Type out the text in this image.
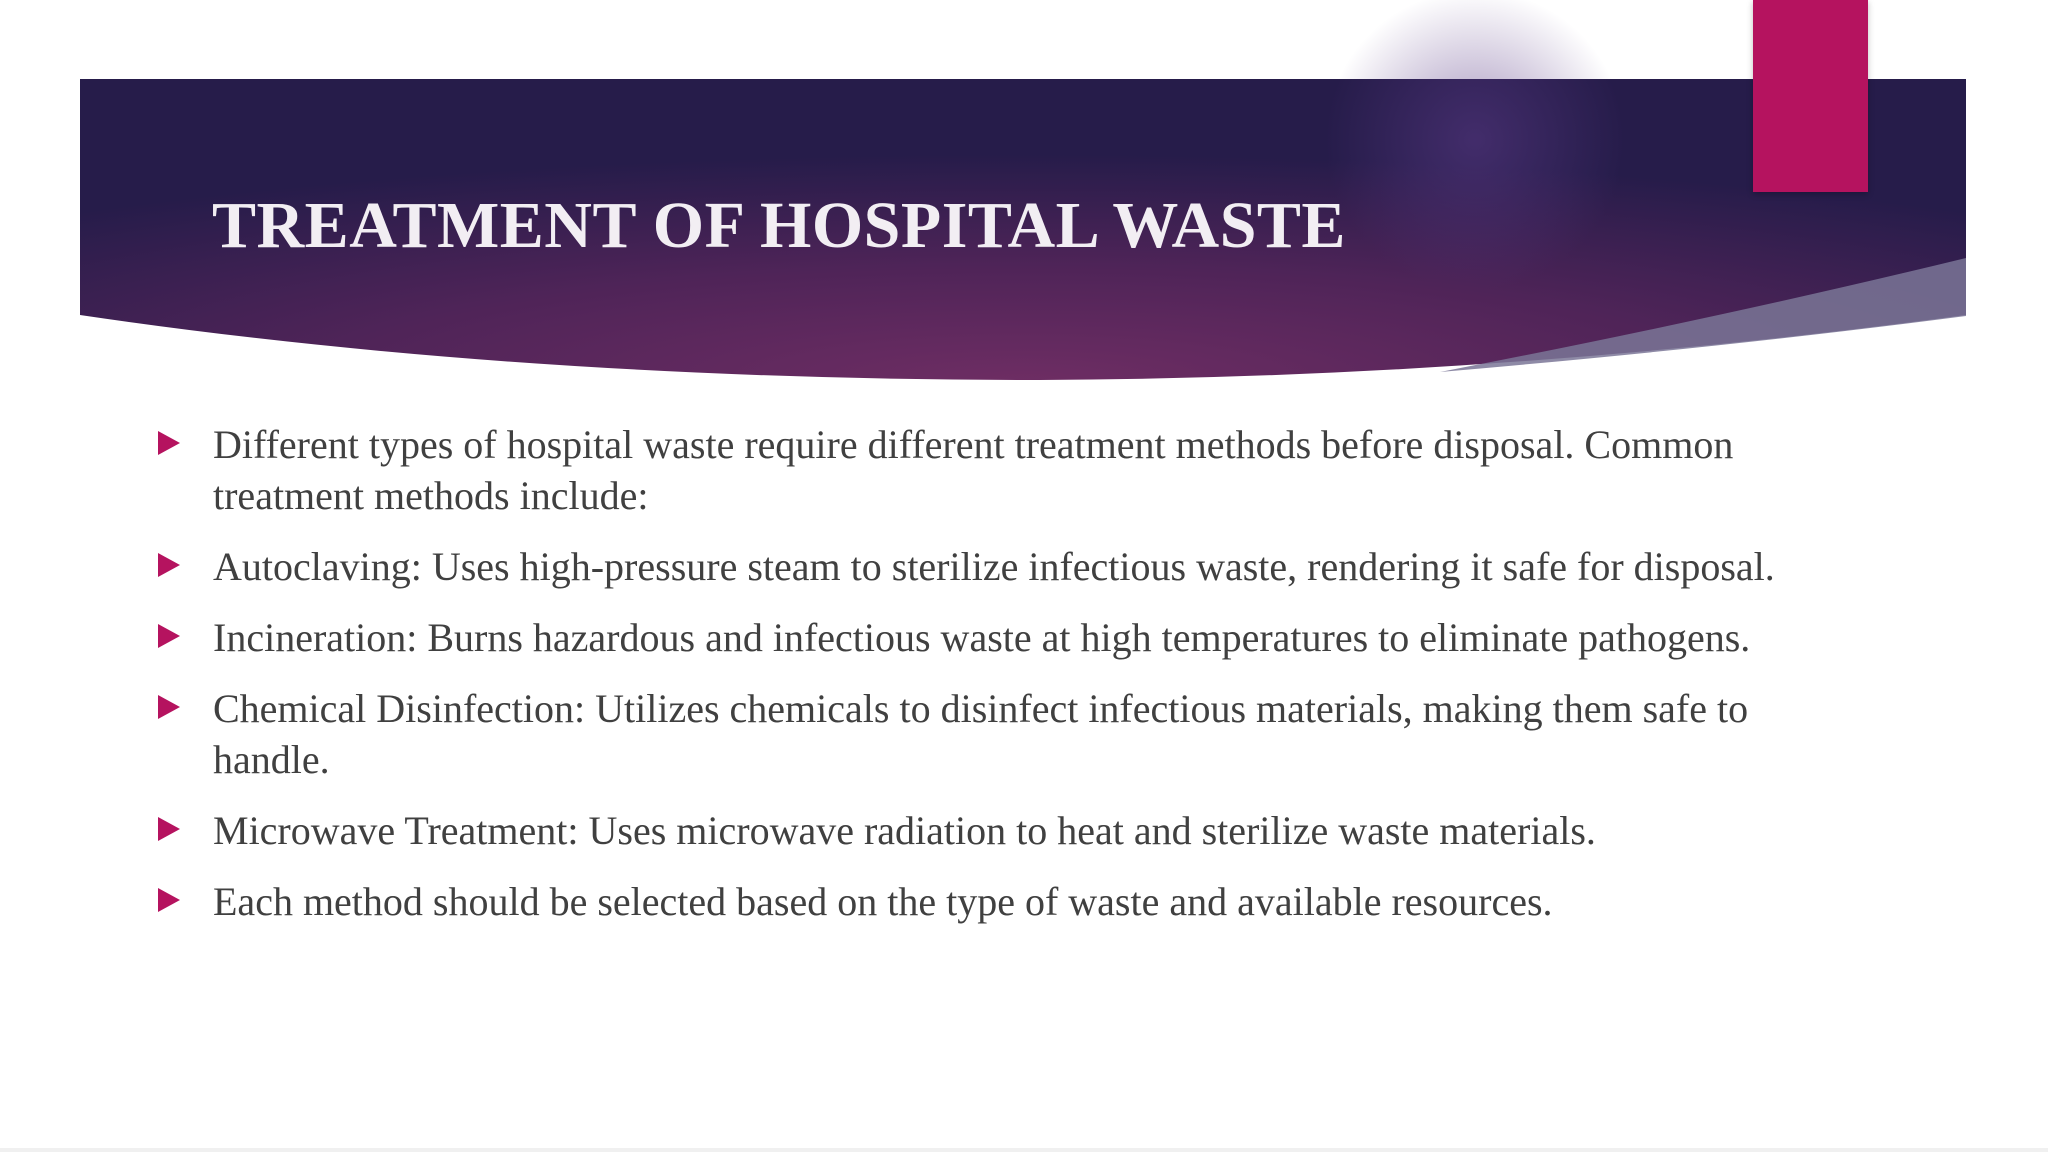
TREATMENT OF HOSPITAL WASTE
Different types of hospital waste require different treatment methods before disposal. Common treatment methods include:
Autoclaving: Uses high-pressure steam to sterilize infectious waste, rendering it safe for disposal.
Incineration: Burns hazardous and infectious waste at high temperatures to eliminate pathogens.
Chemical Disinfection: Utilizes chemicals to disinfect infectious materials, making them safe to handle.
Microwave Treatment: Uses microwave radiation to heat and sterilize waste materials.
Each method should be selected based on the type of waste and available resources.
